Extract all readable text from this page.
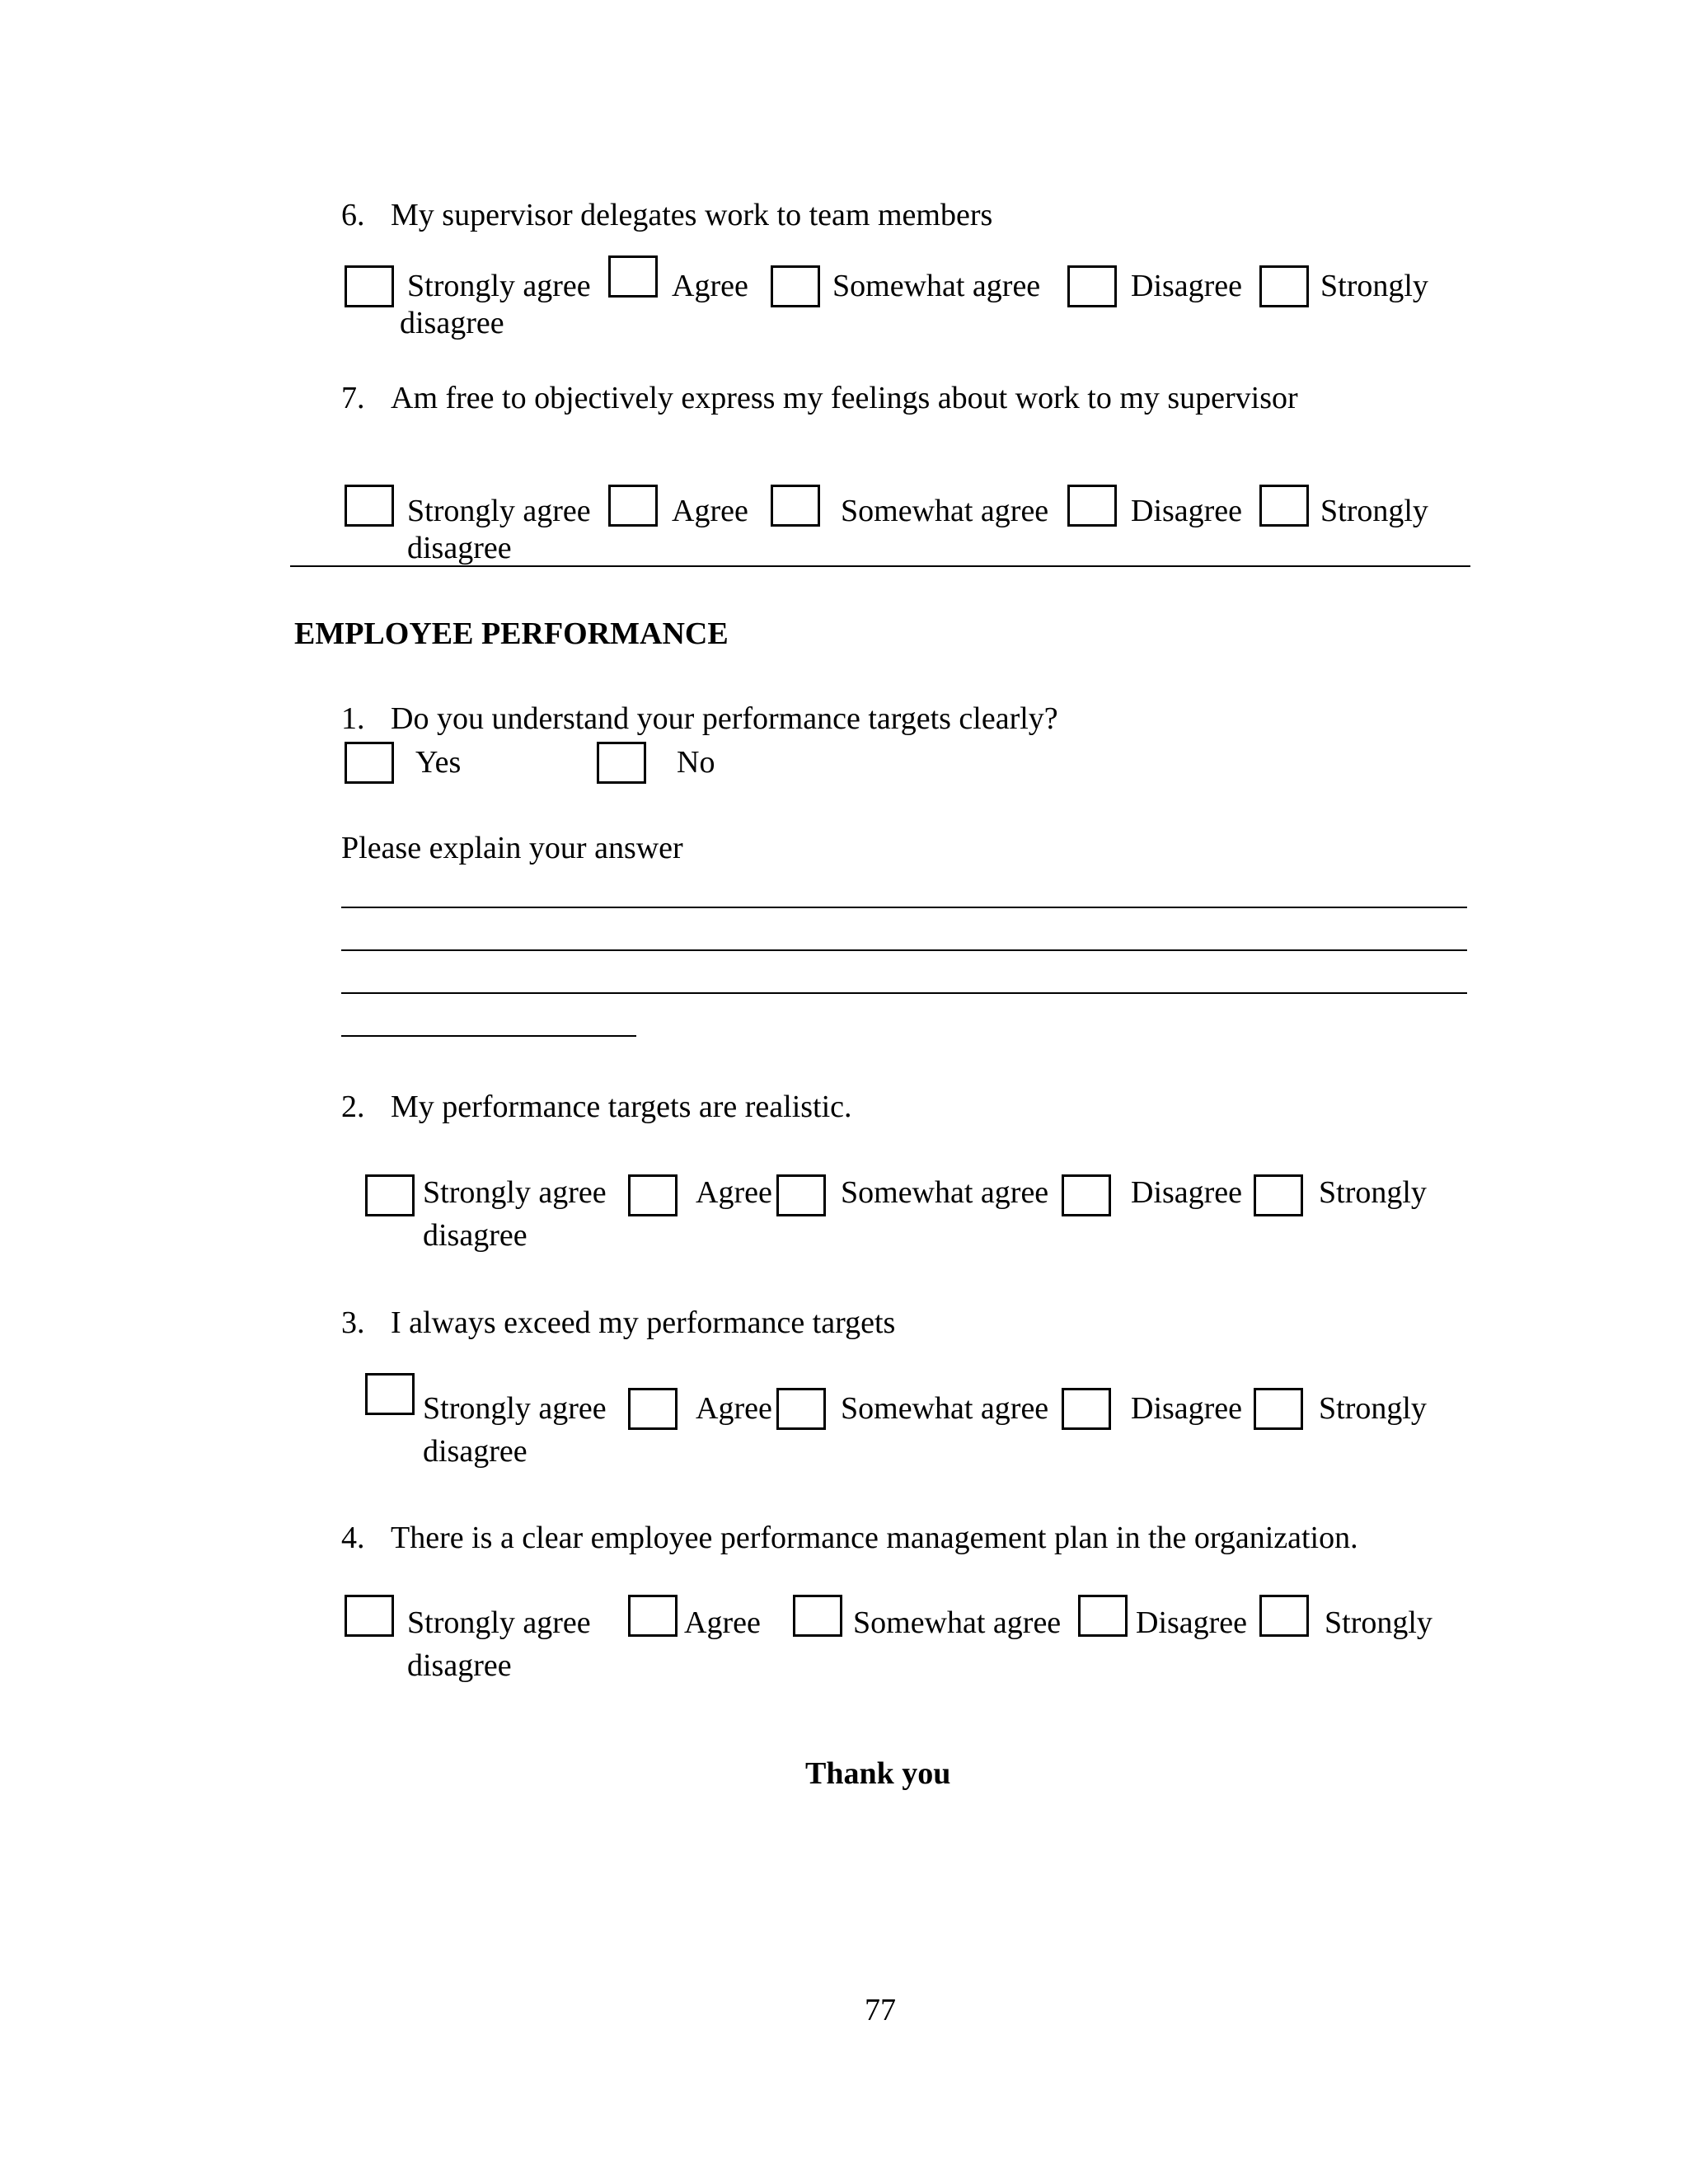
6. My supervisor delegates work to team members
Strongly agree	Agree	Somewhat agree	Disagree Strongly
disagree
7. Am free to objectively express my feelings about work to my supervisor
Strongly agree	Agree	Somewhat agree	Disagree Strongly
disagree
EMPLOYEE PERFORMANCE
1. Do you understand your performance targets clearly?
Yes	No
Please explain your answer
2. My performance targets are realistic.
Strongly agree	Agree Somewhat agree	Disagree Strongly
disagree
3. I always exceed my performance targets
Strongly agree	Agree Somewhat agree	Disagree Strongly
disagree
4. There is a clear employee performance management plan in the organization.
Strongly agree	Agree	Somewhat agree Disagree Strongly
disagree
Thank you
77
